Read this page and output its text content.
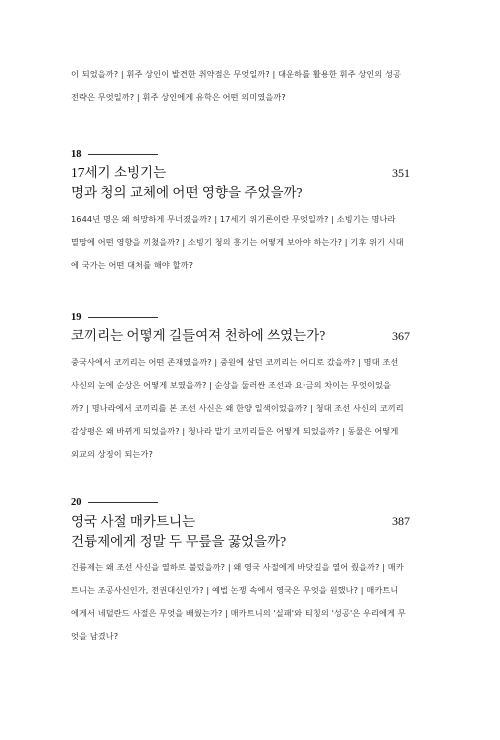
이 되었을까? | 휘주 상인이 발견한 취약점은 무엇일까? | 대운하를 활용한 휘주 상인의 성공
전략은 무엇일까? | 휘주 상인에게 유학은 어떤 의미였을까?
18
17세기 소빙기는
명과 청의 교체에 어떤 영향을 주었을까?
351
1644년 명은 왜 허망하게 무너졌을까? | 17세기 위기론이란 무엇일까? | 소빙기는 명나라
멸망에 어떤 영향을 끼쳤을까? | 소빙기 청의 흥기는 어떻게 보아야 하는가? | 기후 위기 시대
에 국가는 어떤 대처를 해야 할까?
19
코끼리는 어떻게 길들여져 천하에 쓰였는가?	367
중국사에서 코끼리는 어떤 존재였을까? | 중원에 살던 코끼리는 어디로 갔을까? | 명대 조선
사신의 눈에 순상은 어떻게 보였을까? | 순상을 둘러싼 조선과 요·금의 차이는 무엇이었을
까? | 명나라에서 코끼리를 본 조선 사신은 왜 한양 일색이었을까? | 청대 조선 사신의 코끼리
감상평은 왜 바뀌게 되었을까? | 청나라 말기 코끼리들은 어떻게 되었을까? | 동물은 어떻게
외교의 상징이 되는가?
20
영국 사절 매카트니는
건륭제에게 정말 두 무릎을 꿇었을까?
387
건륭제는 왜 조선 사신을 열하로 불렀을까? | 왜 영국 사절에게 바닷길을 열어 줬을까? | 매카
트니는 조공사신인가, 전권대신인가? | 예법 논쟁 속에서 영국은 무엇을 원했나? | 매카트니
에게서 네덜란드 사절은 무엇을 배웠는가? | 매카트니의 '실패'와 티칭의 '성공'은 우리에게 무
엇을 남겼나?
